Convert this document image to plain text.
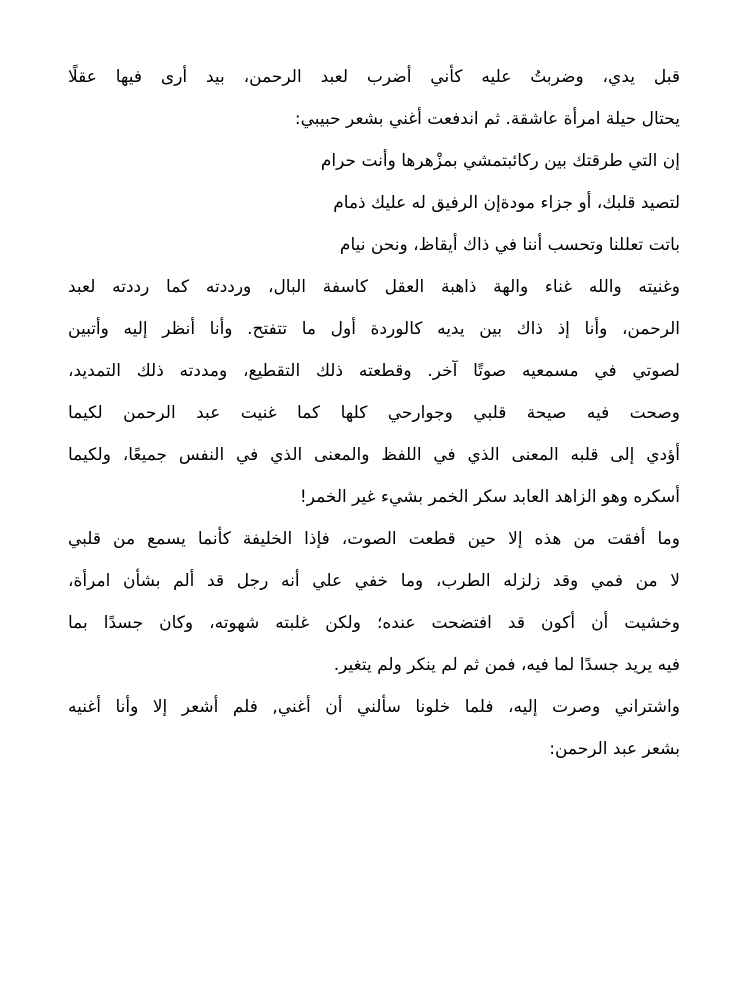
قبل يدي، وضربتُ عليه كأني أضرب لعبد الرحمن، بيد أرى فيها عقلًا
يحتال حيلة امرأة عاشقة. ثم اندفعت أغني بشعر حبيبي:
إن التي طرقتك بين ركائبتمشي بمزْهرها وأنت حرام
لتصيد قلبك، أو جزاء مودةإن الرفيق له عليك ذمام
باتت تعللنا وتحسب أننا في ذاك أيقاظ، ونحن نيام
وغنيته والله غناء والهة ذاهبة العقل كاسفة البال، ورددته كما رددته لعبد
الرحمن، وأنا إذ ذاك بين يديه كالوردة أول ما تتفتح. وأنا أنظر إليه وأتبين
لصوتي في مسمعيه صوتًا آخر. وقطعته ذلك التقطيع، ومددته ذلك التمديد،
وصحت فيه صيحة قلبي وجوارحي كلها كما غنيت عبد الرحمن لكيما
أؤدي إلى قلبه المعنى الذي في اللفظ والمعنى الذي في النفس جميعًا، ولكيما
أسكره وهو الزاهد العابد سكر الخمر بشيء غير الخمر!
وما أفقت من هذه إلا حين قطعت الصوت، فإذا الخليفة كأنما يسمع من قلبي
لا من فمي وقد زلزله الطرب، وما خفي علي أنه رجل قد ألم بشأن امرأة،
وخشيت أن أكون قد افتضحت عنده؛ ولكن غلبته شهوته، وكان جسدًا بما
فيه يريد جسدًا لما فيه، فمن ثم لم ينكر ولم يتغير.
واشتراني وصرت إليه، فلما خلونا سألني أن أغني, فلم أشعر إلا وأنا أغنيه
بشعر عبد الرحمن:
